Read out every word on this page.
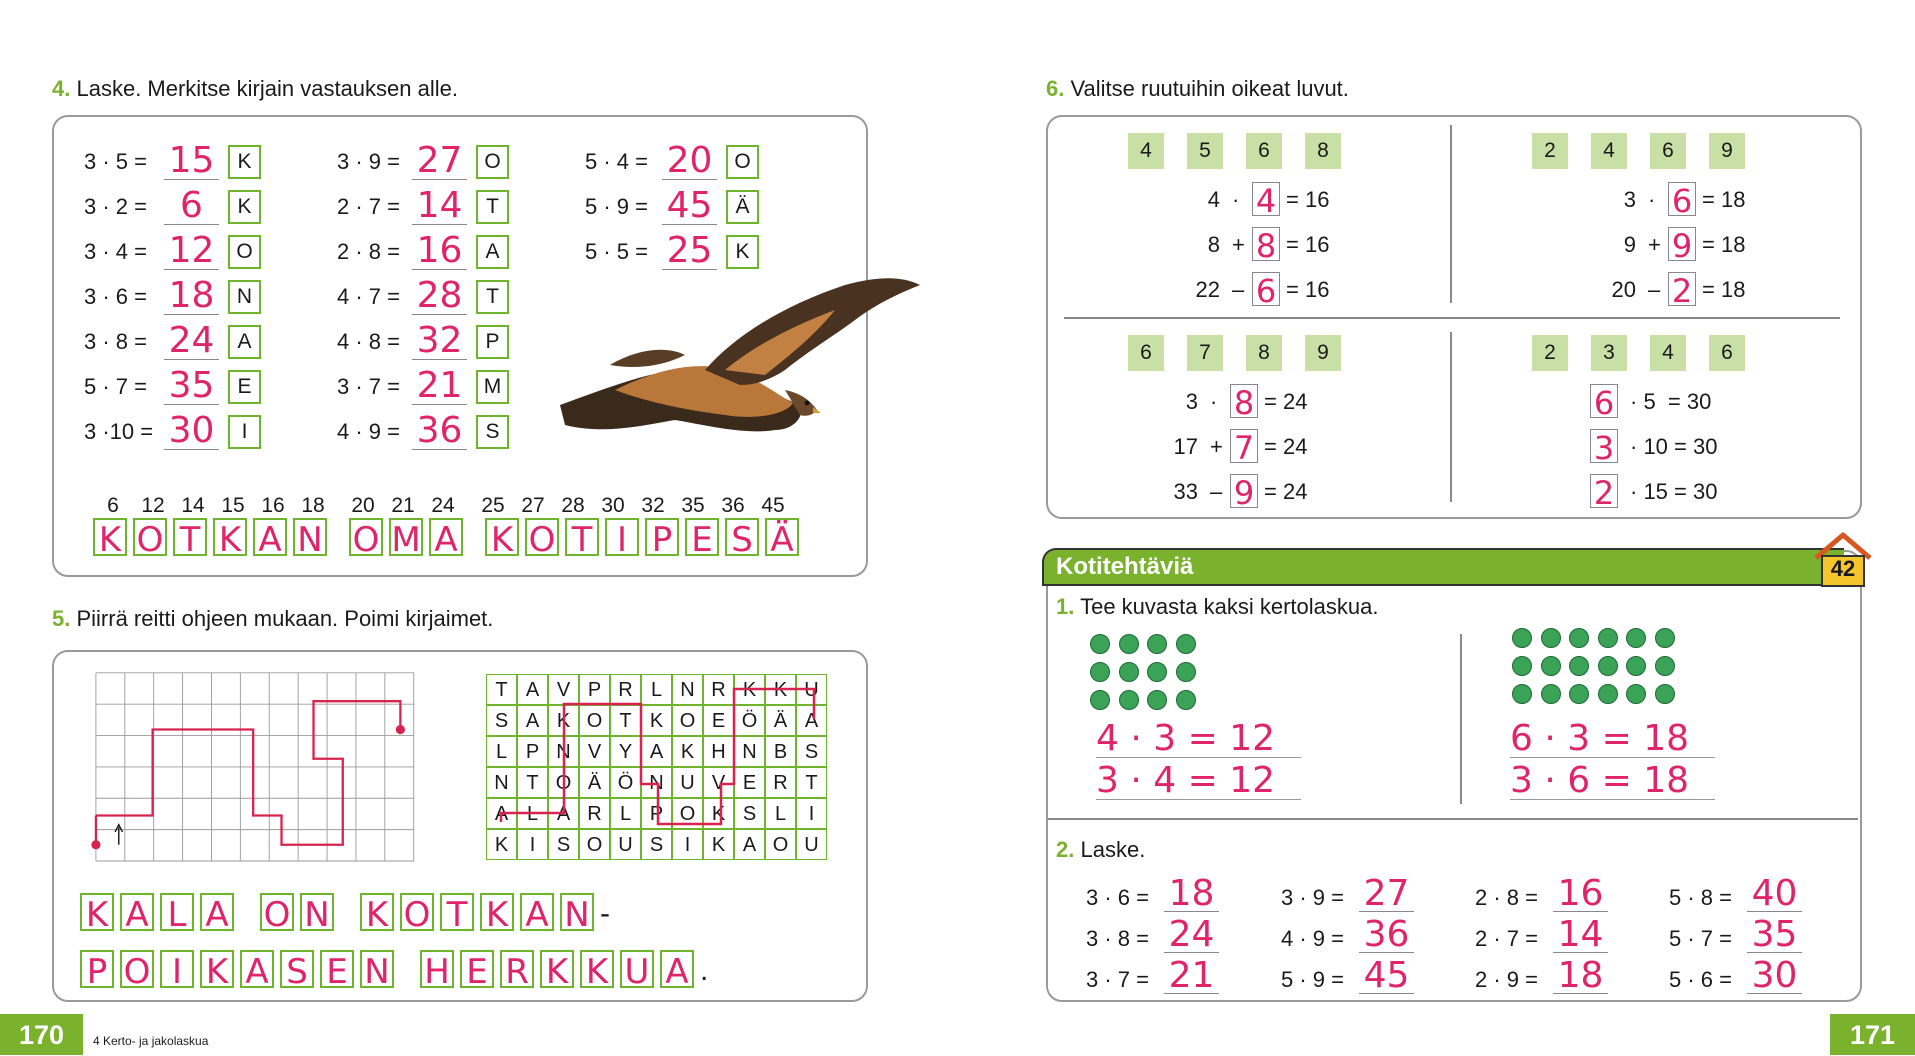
4. Laske. Merkitse kirjain vastauksen alle.
3 · 5 = 15	K
3 · 2 = 6	K
3 · 4 = 12	O
3 · 6 = 18	N
3 · 8 = 24	A
5 · 7 = 35	E
3 ·10 = 30	I
3 · 9 = 27	O
2 · 7 = 14	T
2 · 8 = 16	A
4 · 7 = 28	T
4 · 8 = 32	P
3 · 7 = 21	M
4 · 9 = 36	S
5 · 4 = 20	O
5 · 9 = 45	Ä
5 · 5 = 25	K
6 12 14 15 16 18 20 21 24 25 27 28 30 32 35 36 45
K O T K A N O M A K O T I P E S Ä
5. Piirrä reitti ohjeen mukaan. Poimi kirjaimet.
T A V P R L N R K K U
S A K O T K O E Ö Ä A
L P N V Y A K H N B S
N T O Ä Ö N U V E R T
A L A R L P O K S L	I
K	I	S O U S	I	K A O U
K A L A O N K O T K A N -
P O I K A S E N H E R K K U A .
170	4 Kerto- ja jakolaskua
6. Valitse ruutuihin oikeat luvut.
4	5	6	8
4 · 4 = 16
8 + 8 = 16
22 – 6 = 16
2	4	6	9
3 · 6 = 18
9 + 9 = 18
20 – 2 = 18
6	7	8	9
3 · 8 = 24
17 + 7 = 24
33 – 9 = 24
2	3	4	6
6 · 5  = 30
3 · 10 = 30
2 · 15 = 30
Kotitehtäviä	42
1. Tee kuvasta kaksi kertolaskua.
4 · 3 = 12
3 · 4 = 12
6 · 3 = 18
3 · 6 = 18
2. Laske.
3 · 6 = 18	3 · 9 = 27	2 · 8 = 16	5 · 8 = 40
3 · 8 = 24	4 · 9 = 36	2 · 7 = 14	5 · 7 = 35
3 · 7 = 21	5 · 9 = 45	2 · 9 = 18	5 · 6 = 30
171
